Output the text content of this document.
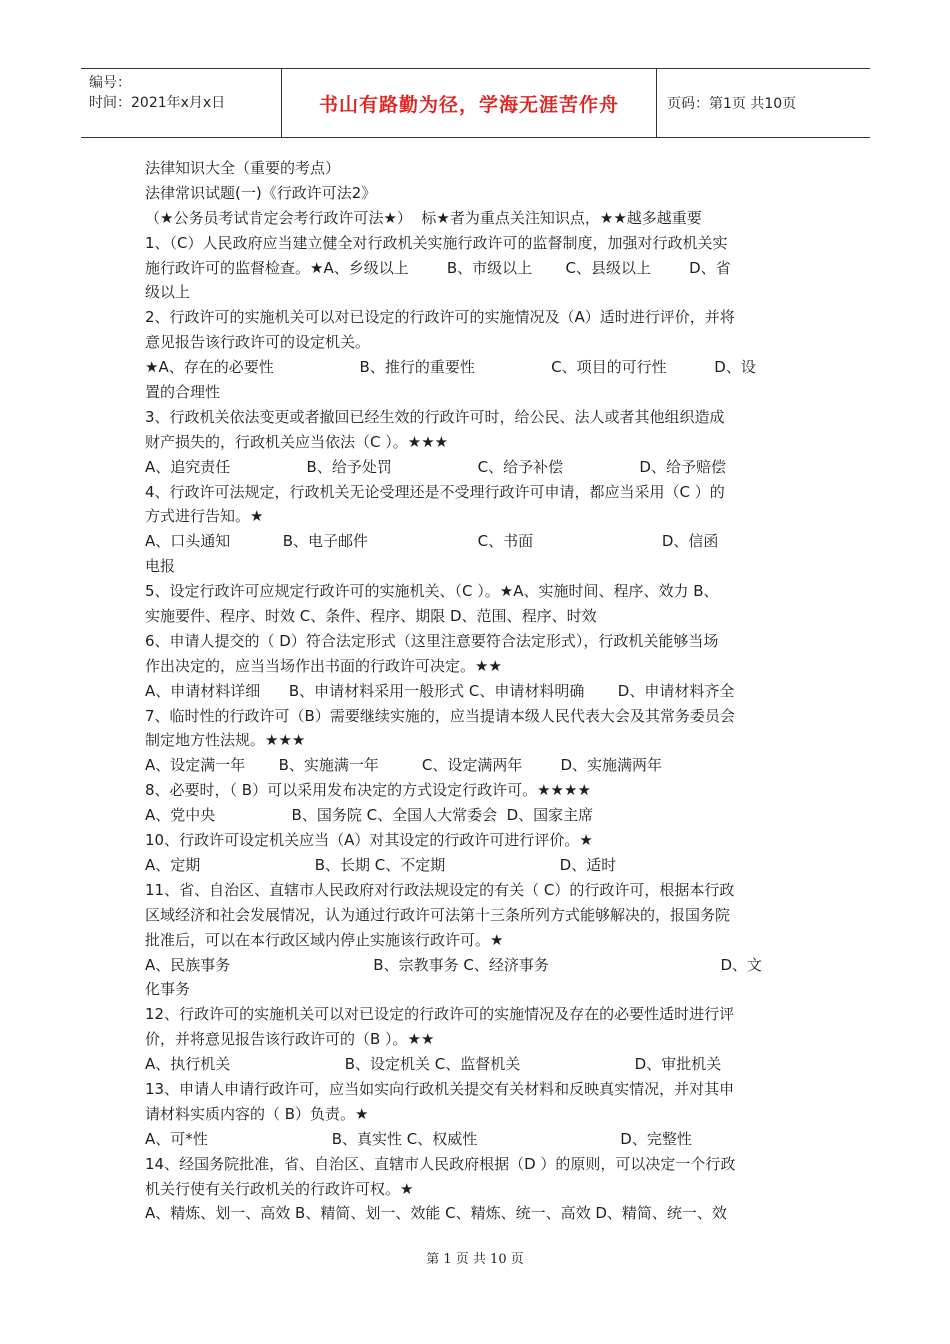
编号：
时间：2021年x月x日	书山有路勤为径，学海无涯苦作舟	页码：第1页 共10页
法律知识大全（重要的考点）
法律常识试题(一)《行政许可法2》
（★公务员考试肯定会考行政许可法★）  标★者为重点关注知识点，★★越多越重要
1、（C）人民政府应当建立健全对行政机关实施行政许可的监督制度，加强对行政机关实
施行政许可的监督检查。★A、乡级以上        B、市级以上       C、县级以上        D、省
级以上
2、行政许可的实施机关可以对已设定的行政许可的实施情况及（A）适时进行评价，并将
意见报告该行政许可的设定机关。
★A、存在的必要性                  B、推行的重要性                C、项目的可行性          D、设
置的合理性
3、行政机关依法变更或者撤回已经生效的行政许可时，给公民、法人或者其他组织造成
财产损失的，行政机关应当依法（C ）。★★★
A、追究责任                B、给予处罚                  C、给予补偿                D、给予赔偿
4、行政许可法规定，行政机关无论受理还是不受理行政许可申请，都应当采用（C ）的
方式进行告知。★
A、口头通知           B、电子邮件                       C、书面                           D、信函
电报
5、设定行政许可应规定行政许可的实施机关、（C ）。★A、实施时间、程序、效力 B、
实施要件、程序、时效 C、条件、程序、期限 D、范围、程序、时效
6、申请人提交的（ D）符合法定形式（这里注意要符合法定形式），行政机关能够当场
作出决定的，应当当场作出书面的行政许可决定。★★
A、申请材料详细      B、申请材料采用一般形式 C、申请材料明确       D、申请材料齐全
7、临时性的行政许可（B）需要继续实施的，应当提请本级人民代表大会及其常务委员会
制定地方性法规。★★★
A、设定满一年       B、实施满一年         C、设定满两年        D、实施满两年
8、必要时，（ B）可以采用发布决定的方式设定行政许可。★★★★
A、党中央                B、国务院 C、全国人大常委会  D、国家主席
10、行政许可设定机关应当（A）对其设定的行政许可进行评价。★
A、定期                        B、长期 C、不定期                        D、适时
11、省、自治区、直辖市人民政府对行政法规设定的有关（ C）的行政许可，根据本行政
区域经济和社会发展情况，认为通过行政许可法第十三条所列方式能够解决的，报国务院
批准后，可以在本行政区域内停止实施该行政许可。★
A、民族事务                              B、宗教事务 C、经济事务                                    D、文
化事务
12、行政许可的实施机关可以对已设定的行政许可的实施情况及存在的必要性适时进行评
价，并将意见报告该行政许可的（B ）。★★
A、执行机关                        B、设定机关 C、监督机关                        D、审批机关
13、申请人申请行政许可，应当如实向行政机关提交有关材料和反映真实情况，并对其申
请材料实质内容的（ B）负责。★
A、可*性                          B、真实性 C、权威性                              D、完整性
14、经国务院批准，省、自治区、直辖市人民政府根据（D ）的原则，可以决定一个行政
机关行使有关行政机关的行政许可权。★
A、精炼、划一、高效 B、精简、划一、效能 C、精炼、统一、高效 D、精简、统一、效
第 1 页 共 10 页
